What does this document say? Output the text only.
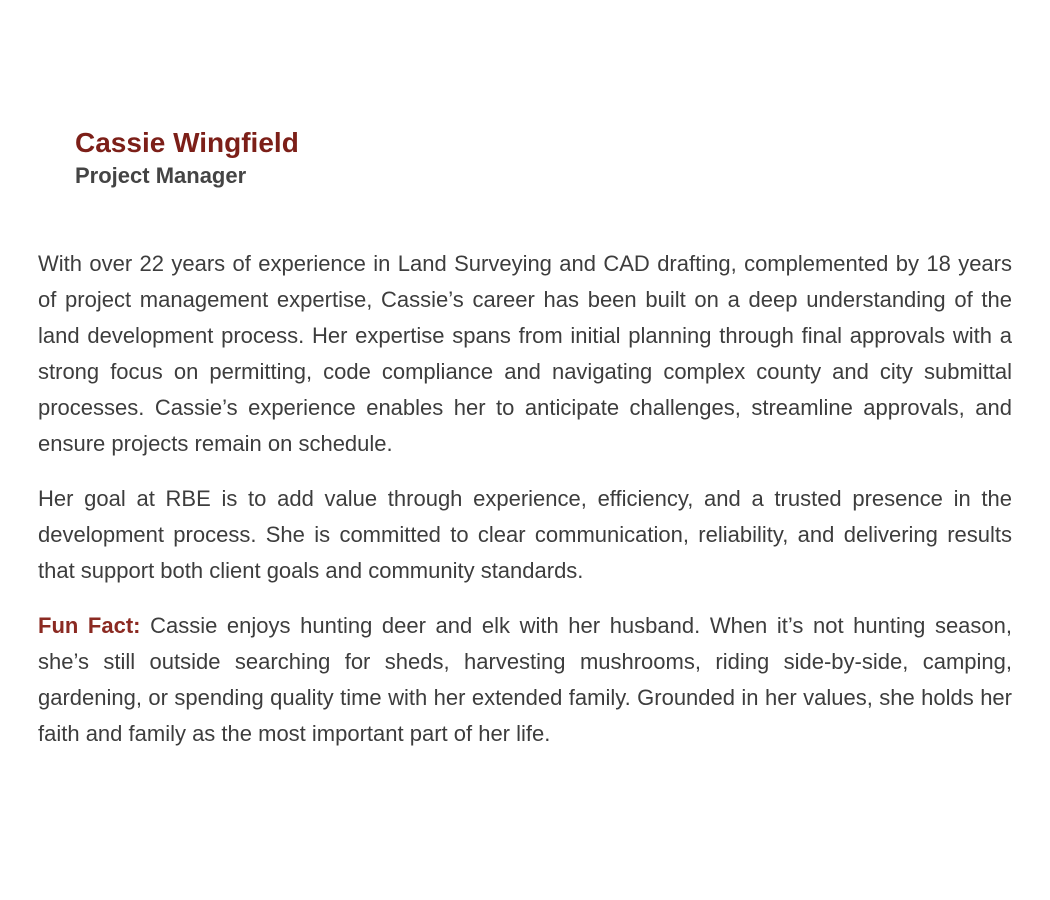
Cassie Wingfield
Project Manager

With over 22 years of experience in Land Surveying and CAD drafting, complemented by 18 years of project management expertise, Cassie’s career has been built on a deep understanding of the land development process. Her expertise spans from initial planning through final approvals with a strong focus on permitting, code compliance and navigating complex county and city submittal processes. Cassie’s experience enables her to anticipate challenges, streamline approvals, and ensure projects remain on schedule.

Her goal at RBE is to add value through experience, efficiency, and a trusted presence in the development process. She is committed to clear communication, reliability, and delivering results that support both client goals and community standards.

Fun Fact: Cassie enjoys hunting deer and elk with her husband. When it’s not hunting season, she’s still outside searching for sheds, harvesting mushrooms, riding side-by-side, camping, gardening, or spending quality time with her extended family. Grounded in her values, she holds her faith and family as the most important part of her life.
